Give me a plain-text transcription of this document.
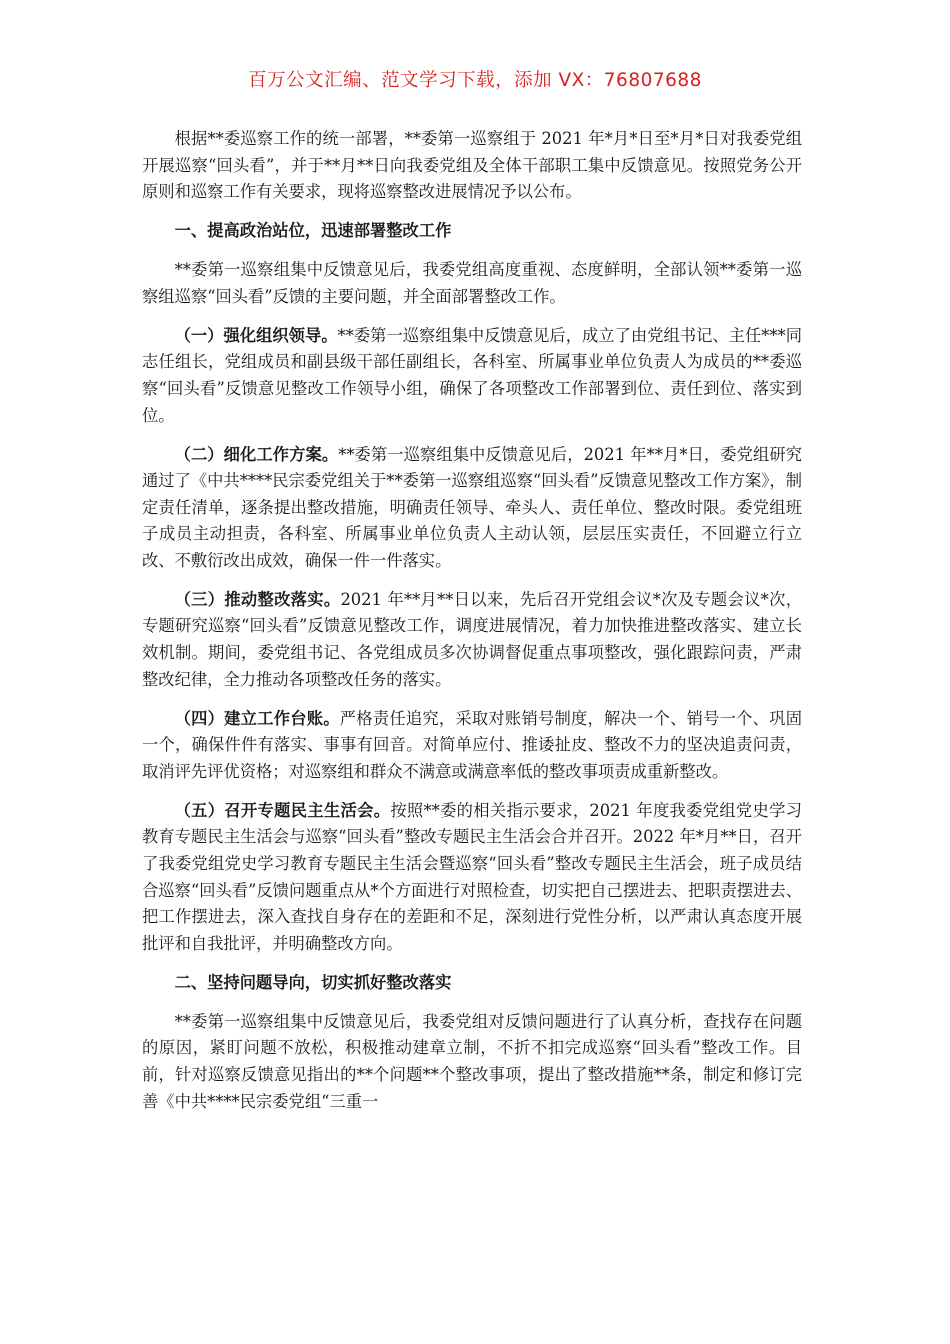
百万公文汇编、范文学习下载，添加 VX：76807688

根据**委巡察工作的统一部署，**委第一巡察组于 2021 年*月*日至*月*日对我委党组开展巡察“回头看”，并于**月**日向我委党组及全体干部职工集中反馈意见。按照党务公开原则和巡察工作有关要求，现将巡察整改进展情况予以公布。

一、提高政治站位，迅速部署整改工作

**委第一巡察组集中反馈意见后，我委党组高度重视、态度鲜明，全部认领**委第一巡察组巡察“回头看”反馈的主要问题，并全面部署整改工作。

（一）强化组织领导。**委第一巡察组集中反馈意见后，成立了由党组书记、主任***同志任组长，党组成员和副县级干部任副组长，各科室、所属事业单位负责人为成员的**委巡察“回头看”反馈意见整改工作领导小组，确保了各项整改工作部署到位、责任到位、落实到位。

（二）细化工作方案。**委第一巡察组集中反馈意见后，2021 年**月*日，委党组研究通过了《中共****民宗委党组关于**委第一巡察组巡察“回头看”反馈意见整改工作方案》，制定责任清单，逐条提出整改措施，明确责任领导、牵头人、责任单位、整改时限。委党组班子成员主动担责，各科室、所属事业单位负责人主动认领，层层压实责任，不回避立行立改、不敷衍改出成效，确保一件一件落实。

（三）推动整改落实。2021 年**月**日以来，先后召开党组会议*次及专题会议*次，专题研究巡察“回头看”反馈意见整改工作，调度进展情况，着力加快推进整改落实、建立长效机制。期间，委党组书记、各党组成员多次协调督促重点事项整改，强化跟踪问责，严肃整改纪律，全力推动各项整改任务的落实。

（四）建立工作台账。严格责任追究，采取对账销号制度，解决一个、销号一个、巩固一个，确保件件有落实、事事有回音。对简单应付、推诿扯皮、整改不力的坚决追责问责，取消评先评优资格；对巡察组和群众不满意或满意率低的整改事项责成重新整改。

（五）召开专题民主生活会。按照**委的相关指示要求，2021 年度我委党组党史学习教育专题民主生活会与巡察“回头看”整改专题民主生活会合并召开。2022 年*月**日，召开了我委党组党史学习教育专题民主生活会暨巡察“回头看”整改专题民主生活会，班子成员结合巡察“回头看”反馈问题重点从*个方面进行对照检查，切实把自己摆进去、把职责摆进去、把工作摆进去，深入查找自身存在的差距和不足，深刻进行党性分析，以严肃认真态度开展批评和自我批评，并明确整改方向。

二、坚持问题导向，切实抓好整改落实

**委第一巡察组集中反馈意见后，我委党组对反馈问题进行了认真分析，查找存在问题的原因，紧盯问题不放松，积极推动建章立制，不折不扣完成巡察“回头看”整改工作。目前，针对巡察反馈意见指出的**个问题**个整改事项，提出了整改措施**条，制定和修订完善《中共****民宗委党组“三重一
